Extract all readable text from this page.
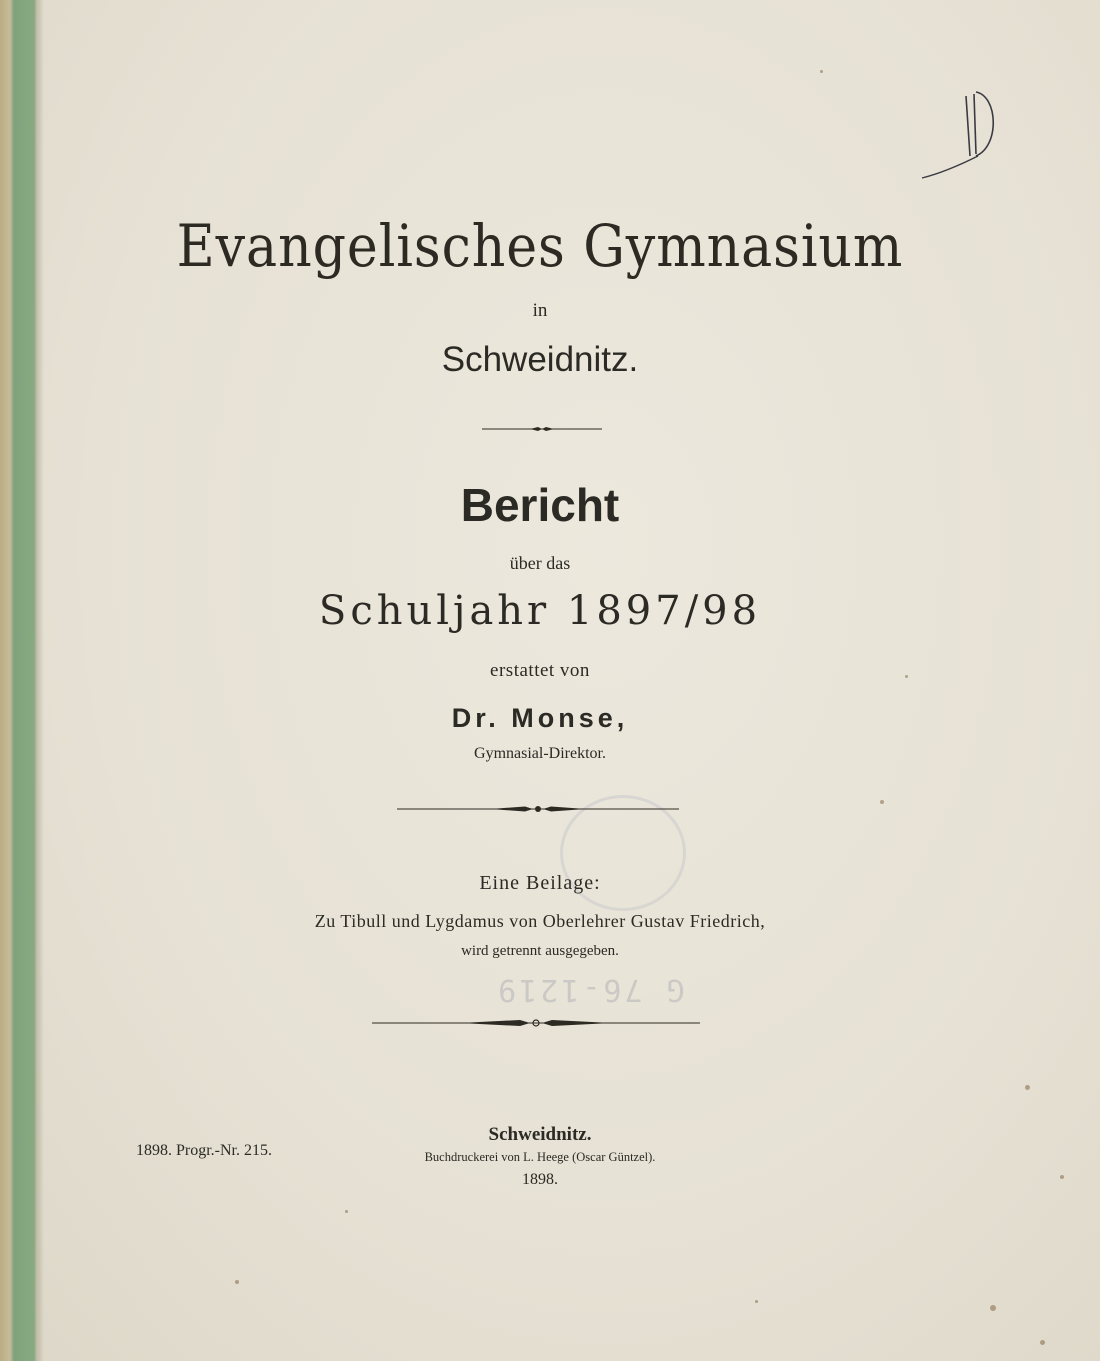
Evangelisches Gymnasium
in
Schweidnitz.
Bericht
über das
Schuljahr 1897/98
erstattet von
Dr. Monse,
Gymnasial-Direktor.
Eine Beilage:
Zu Tibull und Lygdamus von Oberlehrer Gustav Friedrich,
wird getrennt ausgegeben.
G 76-1219
1898. Progr.-Nr. 215.
Schweidnitz.
Buchdruckerei von L. Heege (Oscar Güntzel).
1898.
